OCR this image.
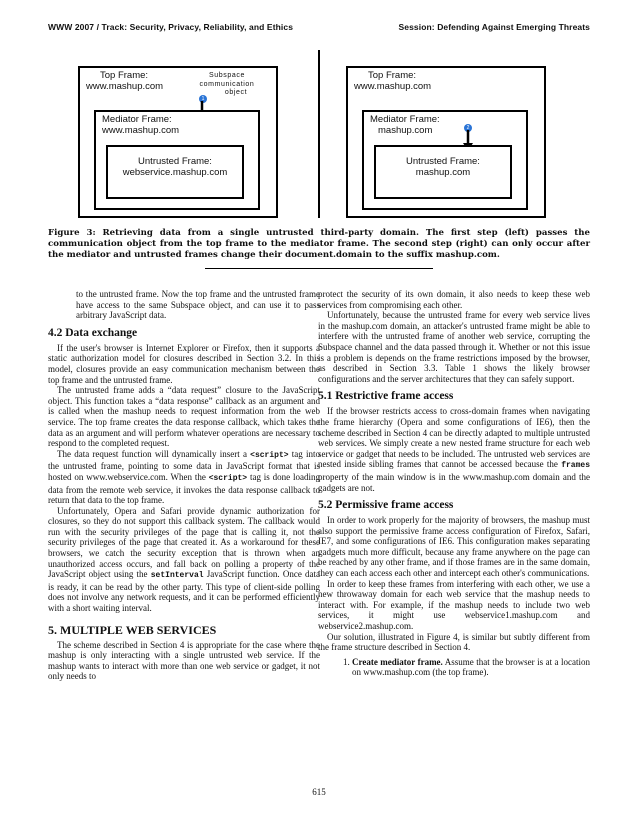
WWW 2007 / Track: Security, Privacy, Reliability, and Ethics	Session: Defending Against Emerging Threats
Top Frame:
www.mashup.com
Subspace
communication
object
1
Mediator Frame:
www.mashup.com
Untrusted Frame:
webservice.mashup.com
Top Frame:
www.mashup.com
Mediator Frame:
mashup.com	2
Untrusted Frame:
mashup.com
Figure 3: Retrieving data from a single untrusted third-party domain. The first step (left) passes the communication object from the top frame to the mediator frame. The second step (right) can only occur after the mediator and untrusted frames change their document.domain to the suffix mashup.com.

to the untrusted frame. Now the top frame and the untrusted frame have access to the same Subspace object, and can use it to pass arbitrary JavaScript data.

4.2 Data exchange

If the user's browser is Internet Explorer or Firefox, then it supports a static authorization model for closures described in Section 3.2. In this model, closures provide an easy communication mechanism between the top frame and the untrusted frame.

The untrusted frame adds a “data request” closure to the JavaScript object. This function takes a “data response” callback as an argument and is called when the mashup needs to request information from the web service. The top frame creates the data response callback, which takes the data as an argument and will perform whatever operations are necessary to respond to the completed request.

The data request function will dynamically insert a <script> tag into the untrusted frame, pointing to some data in JavaScript format that is hosted on www.webservice.com. When the <script> tag is done loading data from the remote web service, it invokes the data response callback to return that data to the top frame.

Unfortunately, Opera and Safari provide dynamic authorization for closures, so they do not support this callback system. The callback would run with the security privileges of the page that is calling it, not the security privileges of the page that created it. As a workaround for these browsers, we catch the security exception that is thrown when an unauthorized access occurs, and fall back on polling a property of the JavaScript object using the setInterval JavaScript function. Once data is ready, it can be read by the other party. This type of client-side polling does not involve any network requests, and it can be performed efficiently with a short waiting interval.

5. MULTIPLE WEB SERVICES

The scheme described in Section 4 is appropriate for the case where the mashup is only interacting with a single untrusted web service. If the mashup wants to interact with more than one web service or gadget, it not only needs to

protect the security of its own domain, it also needs to keep these web services from compromising each other.

Unfortunately, because the untrusted frame for every web service lives in the mashup.com domain, an attacker's untrusted frame might be able to interfere with the untrusted frame of another web service, corrupting the Subspace channel and the data passed through it. Whether or not this issue is a problem is depends on the frame restrictions imposed by the browser, as described in Section 3.3. Table 1 shows the likely browser configurations and the server architectures that they can safely support.

5.1 Restrictive frame access

If the browser restricts access to cross-domain frames when navigating the frame hierarchy (Opera and some configurations of IE6), then the scheme described in Section 4 can be directly adapted to multiple untrusted web services. We simply create a new nested frame structure for each web service or gadget that needs to be included. The untrusted web services are nested inside sibling frames that cannot be accessed because the frames property of the main window is in the www.mashup.com domain and the gadgets are not.

5.2 Permissive frame access

In order to work properly for the majority of browsers, the mashup must also support the permissive frame access configuration of Firefox, Safari, IE7, and some configurations of IE6. This configuration makes separating gadgets much more difficult, because any frame anywhere on the page can be reached by any other frame, and if those frames are in the same domain, they can each access each other and intercept each other's communications.

In order to keep these frames from interfering with each other, we use a new throwaway domain for each web service that the mashup needs to interact with. For example, if the mashup needs to include two web services, it might use webservice1.mashup.com and webservice2.mashup.com.

Our solution, illustrated in Figure 4, is similar but subtly different from the frame structure described in Section 4.

1. Create mediator frame. Assume that the browser is at a location on www.mashup.com (the top frame).
615
